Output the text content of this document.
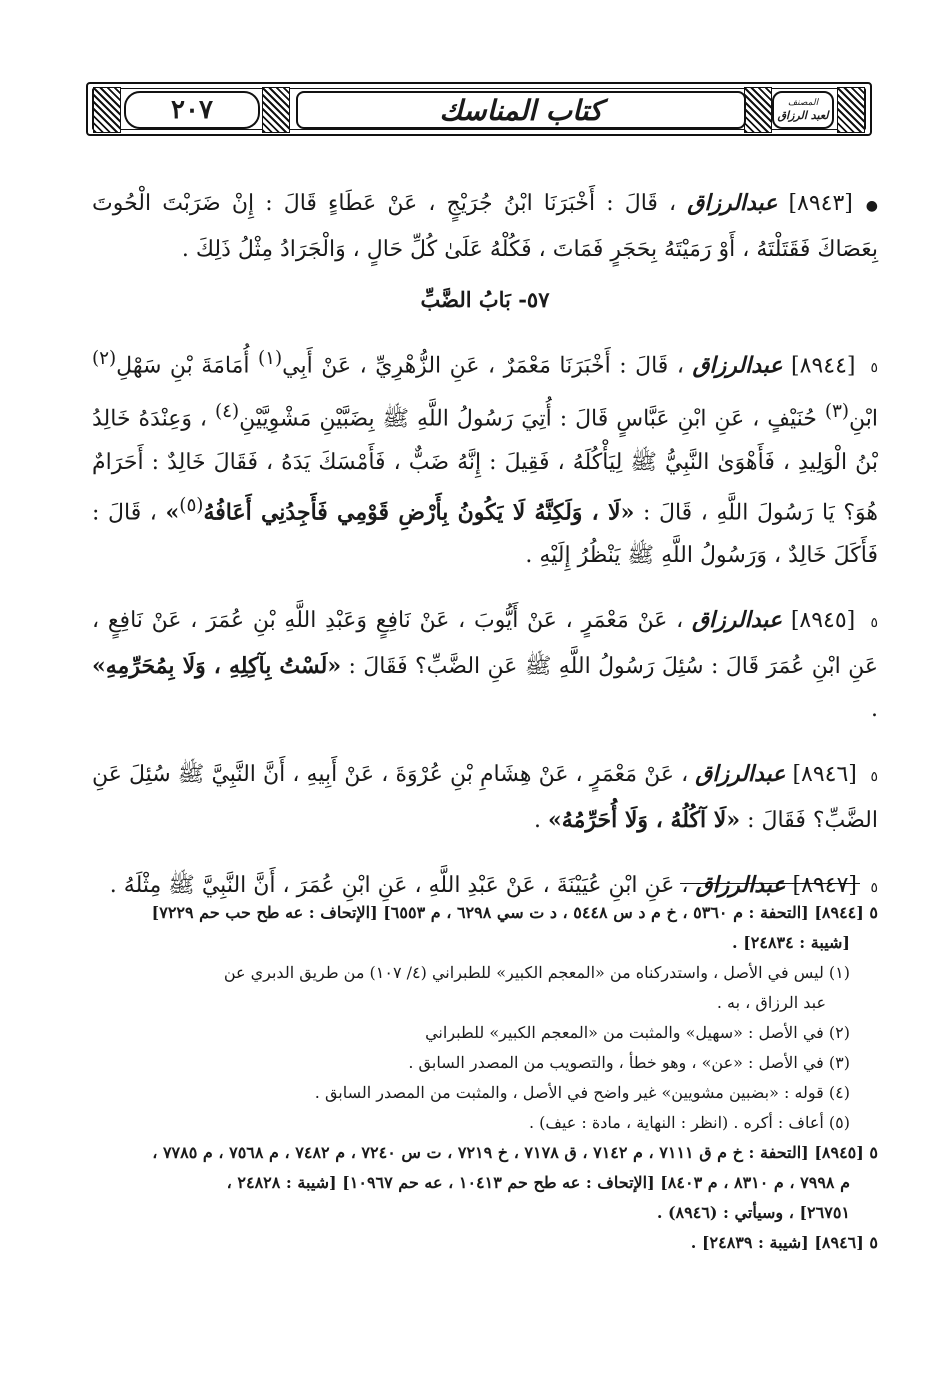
٢٠٧	كتاب المناسك	المصنف
لعبد الرزاق

● [٨٩٤٣] عبدالرزاق ، قَالَ : أَخْبَرَنَا ابْنُ جُرَيْجٍ ، عَنْ عَطَاءٍ قَالَ : إِنْ ضَرَبْتَ الْحُوتَ بِعَصَاكَ فَقَتَلْتَهُ ، أَوْ رَمَيْتَهُ بِحَجَرٍ فَمَاتَ ، فَكُلْهُ عَلَىٰ كُلِّ حَالٍ ، وَالْجَرَادُ مِثْلُ ذَلِكَ .

٥٧- بَابُ الضَّبِّ

٥ [٨٩٤٤] عبدالرزاق ، قَالَ : أَخْبَرَنَا مَعْمَرٌ ، عَنِ الزُّهْرِيِّ ، عَنْ أَبِي$^{(١)}$ أُمَامَةَ بْنِ سَهْلِ$^{(٢)}$ ابْنِ$^{(٣)}$ حُنَيْفٍ ، عَنِ ابْنِ عَبَّاسٍ قَالَ : أُتِيَ رَسُولُ اللَّهِ ﷺ بِضَبَّيْنِ مَشْوِيَّيْنِ$^{(٤)}$ ، وَعِنْدَهُ خَالِدُ بْنُ الْوَلِيدِ ، فَأَهْوَىٰ النَّبِيُّ ﷺ لِيَأْكُلَهُ ، فَقِيلَ : إِنَّهُ ضَبٌّ ، فَأَمْسَكَ يَدَهُ ، فَقَالَ خَالِدٌ : أَحَرَامٌ هُوَ؟ يَا رَسُولَ اللَّهِ ، قَالَ : «لَا ، وَلَكِنَّهُ لَا يَكُونُ بِأَرْضِ قَوْمِي فَأَجِدُنِي أَعَافُهُ$^{(٥)}$» ، قَالَ : فَأَكَلَ خَالِدٌ ، وَرَسُولُ اللَّهِ ﷺ يَنْظُرُ إِلَيْهِ .

٥ [٨٩٤٥] عبدالرزاق ، عَنْ مَعْمَرٍ ، عَنْ أَيُّوبَ ، عَنْ نَافِعٍ وَعَبْدِ اللَّهِ بْنِ عُمَرَ ، عَنْ نَافِعٍ ، عَنِ ابْنِ عُمَرَ قَالَ : سُئِلَ رَسُولُ اللَّهِ ﷺ عَنِ الضَّبِّ؟ فَقَالَ : «لَسْتُ بِآكِلِهِ ، وَلَا بِمُحَرِّمِهِ» .

٥ [٨٩٤٦] عبدالرزاق ، عَنْ مَعْمَرٍ ، عَنْ هِشَامِ بْنِ عُرْوَةَ ، عَنْ أَبِيهِ ، أَنَّ النَّبِيَّ ﷺ سُئِلَ عَنِ الضَّبِّ؟ فَقَالَ : «لَا آكُلُهُ ، وَلَا أُحَرِّمُهُ» .

٥ [٨٩٤٧] عبدالرزاق ، عَنِ ابْنِ عُيَيْنَةَ ، عَنْ عَبْدِ اللَّهِ ، عَنِ ابْنِ عُمَرَ ، أَنَّ النَّبِيَّ ﷺ مِثْلَهُ .

٥ [٨٩٤٤] [التحفة : م ٥٣٦٠ ، خ م د س ٥٤٤٨ ، د ت سي ٦٢٩٨ ، م ٦٥٥٣] [الإتحاف : عه طح حب حم ٧٢٢٩]
[شيبة : ٢٤٨٣٤] .
(١) ليس في الأصل ، واستدركناه من «المعجم الكبير» للطبراني (٤/ ١٠٧) من طريق الدبري عن
عبد الرزاق ، به .
(٢) في الأصل : «سهيل» والمثبت من «المعجم الكبير» للطبراني
(٣) في الأصل : «عن» ، وهو خطأ ، والتصويب من المصدر السابق .
(٤) قوله : «بضبين مشويين» غير واضح في الأصل ، والمثبت من المصدر السابق .
(٥) أعاف : أكره . (انظر : النهاية ، مادة : عيف) .
٥ [٨٩٤٥] [التحفة : خ م ق ٧١١١ ، م ٧١٤٢ ، ق ٧١٧٨ ، خ ٧٢١٩ ، ت س ٧٢٤٠ ، م ٧٤٨٢ ، م ٧٥٦٨ ، م ٧٧٨٥ ،
م ٧٩٩٨ ، م ٨٣١٠ ، م ٨٤٠٣] [الإتحاف : عه طح حم ١٠٤١٣ ، عه حم ١٠٩٦٧] [شيبة : ٢٤٨٢٨ ،
٢٦٧٥١] ، وسيأتي : (٨٩٤٦) .
٥ [٨٩٤٦] [شيبة : ٢٤٨٣٩] .
